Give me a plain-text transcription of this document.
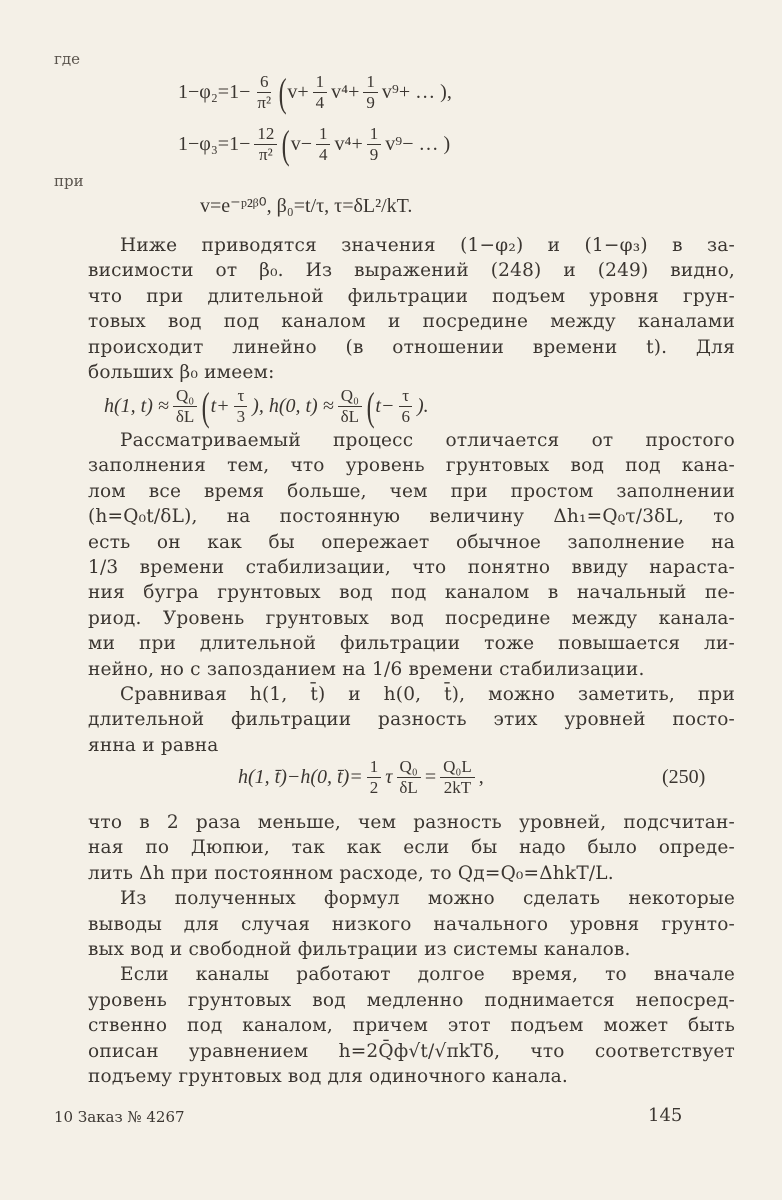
где
$1-\varphi_2=1- \frac{6}{\text{π²}}$ ( $v+ \frac{1}{4} v^4+ \frac{1}{9} v^9+$ … ),
$1-\varphi_3=1- \frac{12}{\text{π²}}$ ( $v- \frac{1}{4} v^4+ \frac{1}{9} v^9-$ … )
при
v=e⁻ᵖ²ᵝ⁰, β₀=t/τ, τ=δL²/kT.
Ниже приводятся значения (1−φ₂) и (1−φ₃) в за-
висимости от β₀. Из выражений (248) и (249) видно,
что при длительной фильтрации подъем уровня грун-
товых вод под каналом и посредине между каналами
происходит линейно (в отношении времени t). Для
больших β₀ имеем:
h(1, $t) \approx \frac{\text{Q₀}}{\delta L}$ ( $t+ \frac{\tau}{3}$ ), h(0, $t) \approx \frac{\text{Q₀}}{\delta L}$ ( $t- \frac{\tau}{6}$ ).
Рассматриваемый процесс отличается от простого
заполнения тем, что уровень грунтовых вод под кана-
лом все время больше, чем при простом заполнении
(h=Q₀t/δL), на постоянную величину Δh₁=Q₀τ/3δL, то
есть он как бы опережает обычное заполнение на
1/3 времени стабилизации, что понятно ввиду нараста-
ния бугра грунтовых вод под каналом в начальный пе-
риод. Уровень грунтовых вод посредине между канала-
ми при длительной фильтрации тоже повышается ли-
нейно, но с запозданием на 1/6 времени стабилизации.
Сравнивая h(1, t̄) и h(0, t̄), можно заметить, при
длительной фильтрации разность этих уровней посто-
янна и равна
h(1, t̄)−h(0, t̄)= $\frac{1}{2}$ τ $\frac{\text{Q₀}}{\delta L} = \frac{\text{Q₀L}}{2kT}$ ,	(250)
что в 2 раза меньше, чем разность уровней, подсчитан-
ная по Дюпюи, так как если бы надо было опреде-
лить Δh при постоянном расходе, то Qд=Q₀=ΔhkT/L.
Из полученных формул можно сделать некоторые
выводы для случая низкого начального уровня грунто-
вых вод и свободной фильтрации из системы каналов.
Если каналы работают долгое время, то вначале
уровень грунтовых вод медленно поднимается непосред-
ственно под каналом, причем этот подъем может быть
описан уравнением h=2Q̄ф√t/√πkTδ, что соответствует
подъему грунтовых вод для одиночного канала.
10 Заказ № 4267	145
